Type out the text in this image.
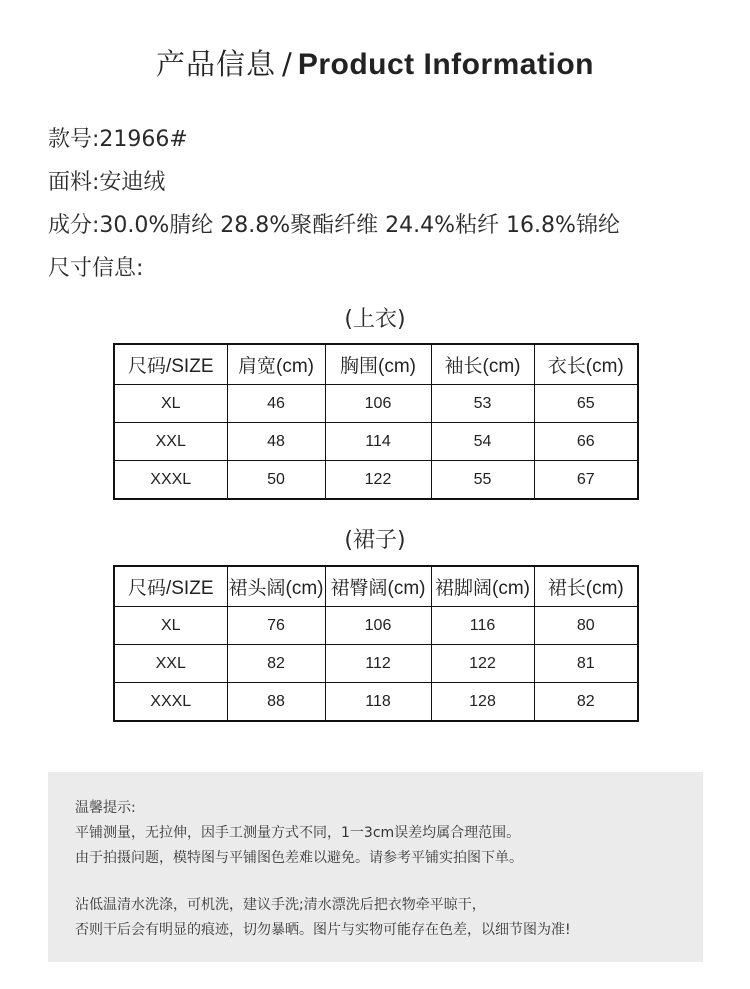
产品信息 / Product Information
款号:21966#
面料:安迪绒
成分:30.0%腈纶 28.8%聚酯纤维 24.4%粘纤 16.8%锦纶
尺寸信息:
(上衣)
尺码/SIZE	肩宽(cm)	胸围(cm)	袖长(cm)	衣长(cm)
XL	46	106	53	65
XXL	48	114	54	66
XXXL	50	122	55	67
(裙子)
尺码/SIZE	裙头阔(cm)	裙臀阔(cm)	裙脚阔(cm)	裙长(cm)
XL	76	106	116	80
XXL	82	112	122	81
XXXL	88	118	128	82

温馨提示:

平铺测量，无拉伸，因手工测量方式不同，1一3cm误差均属合理范围。

由于拍摄问题，模特图与平铺图色差难以避免。请参考平铺实拍图下单。

沾低温清水洗涤，可机洗，建议手洗;清水漂洗后把衣物牵平晾干，

否则干后会有明显的痕迹，切勿暴晒。图片与实物可能存在色差，以细节图为准!
